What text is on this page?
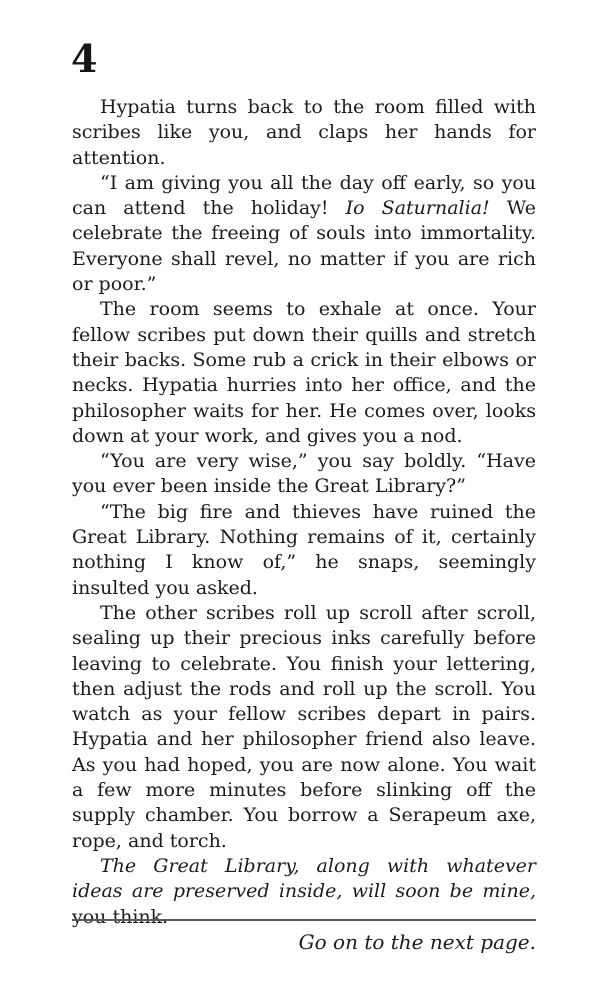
4

Hypatia turns back to the room filled with scribes like you, and claps her hands for attention.

“I am giving you all the day off early, so you can attend the holiday! Io Saturnalia! We celebrate the freeing of souls into immortality. Everyone shall revel, no matter if you are rich or poor.”

The room seems to exhale at once. Your fellow scribes put down their quills and stretch their backs. Some rub a crick in their elbows or necks. Hypatia hurries into her office, and the philosopher waits for her. He comes over, looks down at your work, and gives you a nod.

“You are very wise,” you say boldly. “Have you ever been inside the Great Library?”

“The big fire and thieves have ruined the Great Library. Nothing remains of it, certainly nothing I know of,” he snaps, seemingly insulted you asked.

The other scribes roll up scroll after scroll, sealing up their precious inks carefully before leaving to celebrate. You finish your lettering, then adjust the rods and roll up the scroll. You watch as your fellow scribes depart in pairs. Hypatia and her philosopher friend also leave. As you had hoped, you are now alone. You wait a few more minutes before slinking off the supply chamber. You borrow a Serapeum axe, rope, and torch.

The Great Library, along with whatever ideas are preserved inside, will soon be mine, you think.

Go on to the next page.
